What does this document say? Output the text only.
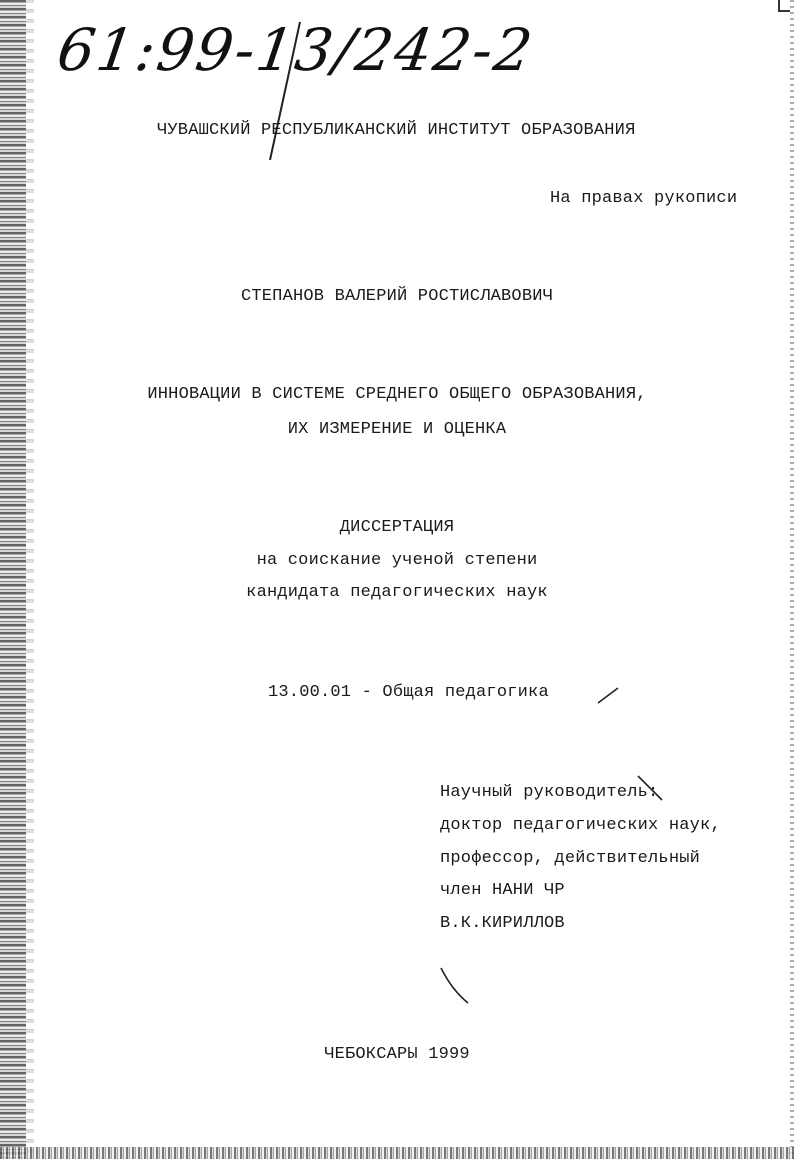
61:99-13/242-2
ЧУВАШСКИЙ РЕСПУБЛИКАНСКИЙ ИНСТИТУТ ОБРАЗОВАНИЯ
На правах рукописи
СТЕПАНОВ ВАЛЕРИЙ РОСТИСЛАВОВИЧ
ИННОВАЦИИ В СИСТЕМЕ СРЕДНЕГО ОБЩЕГО ОБРАЗОВАНИЯ,
ИХ ИЗМЕРЕНИЕ И ОЦЕНКА
ДИССЕРТАЦИЯ
на соискание ученой степени
кандидата педагогических наук
13.00.01 - Общая педагогика
Научный руководитель:
доктор педагогических наук,
профессор, действительный
член НАНИ ЧР
В.К.КИРИЛЛОВ
ЧЕБОКСАРЫ 1999
